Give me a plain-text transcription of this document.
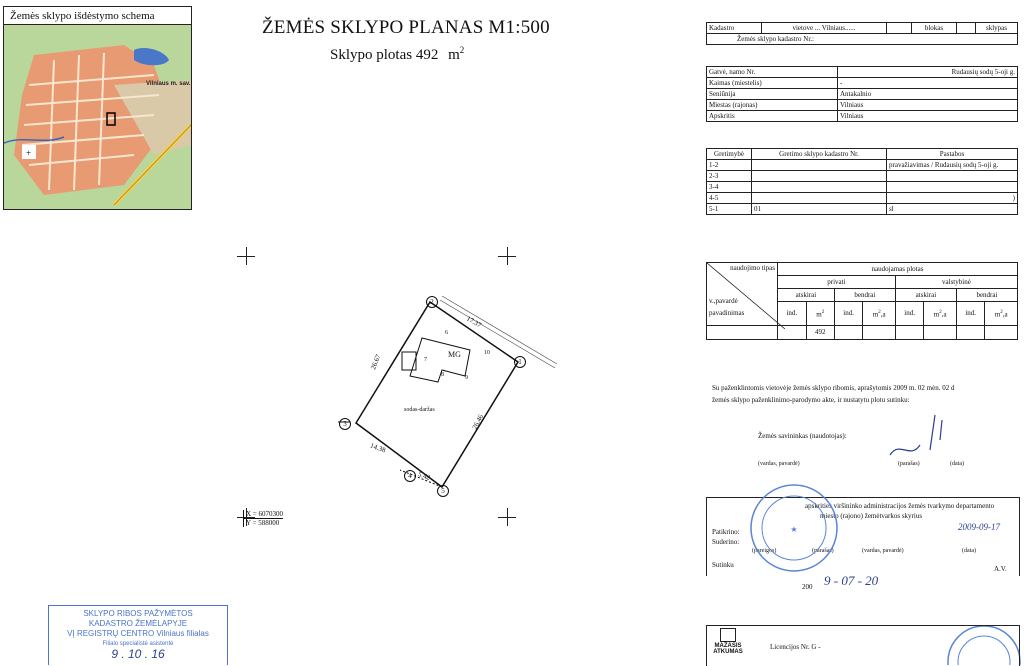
Žemės sklypo išdėstymo schema
+
Vilniaus m. sav.
ŽEMĖS SKLYPO PLANAS M1:500
Sklypo plotas 492 $m^2$
2
1
3
4
5
17.37
26.67
26.46
14.38
5.42
MG
6
7
8	9
10
sodas-daržas
X = 6070300
Y = 588000
Kadastro	vietove ... Vilniaus......		blokas		sklypas
Žemės sklypo kadastro Nr.:
Gatvė, namo Nr.	Rudausių sodų 5-oji g.
Kaimas (miestelis)	-
Seniūnija	Antakalnio
Miestas (rajonas)	Vilniaus
Apskritis	Vilniaus
Gretimybė	Gretimo sklypo kadastro Nr.	Pastabos
1-2		pravažiavimas / Rudausių sodų 5-oji g.
2-3		
3-4		
4-5		)
5-1	01	sl
naudojimo tipas
v.,pavardė
pavadinimas	naudojamas plotas							
	privati				valstybinė			
	atskirai		bendrai		atskirai		bendrai	
	ind.	$m^2$	ind.	$m^2,a$	ind.	$m^2,a$	ind.	$m^2,a$
		492						
Su paženklintomis vietovėje žemės sklypo ribomis, aprašytomis 2009 m. 02 mėn. 02 d
žemės sklypo paženklinimo-parodymo akte, ir nustatytu plotu sutinku:
Žemės savininkas (naudotojas):
(vardas, pavardė)	(parašas)	(data)
apskrities viršininko administracijos žemės tvarkymo departamento
miesto (rajono) žemėtvarkos skyrius
Patikrino:
Suderino:
(pareigos)	(parašas)	(vardas, pavardė)	(data)
2009-09-17
Sutinku	A.V.
200 9 - 07 - 20
★
MAŽASIS
ATKUMAS
Licencijos Nr. G -
SKLYPO RIBOS PAŽYMĖTOS
KADASTRO ŽEMĖLAPYJE
VĮ REGISTRŲ CENTRO Vilniaus filialas
Filialo specialistė asistentė
9 . 10 . 16
